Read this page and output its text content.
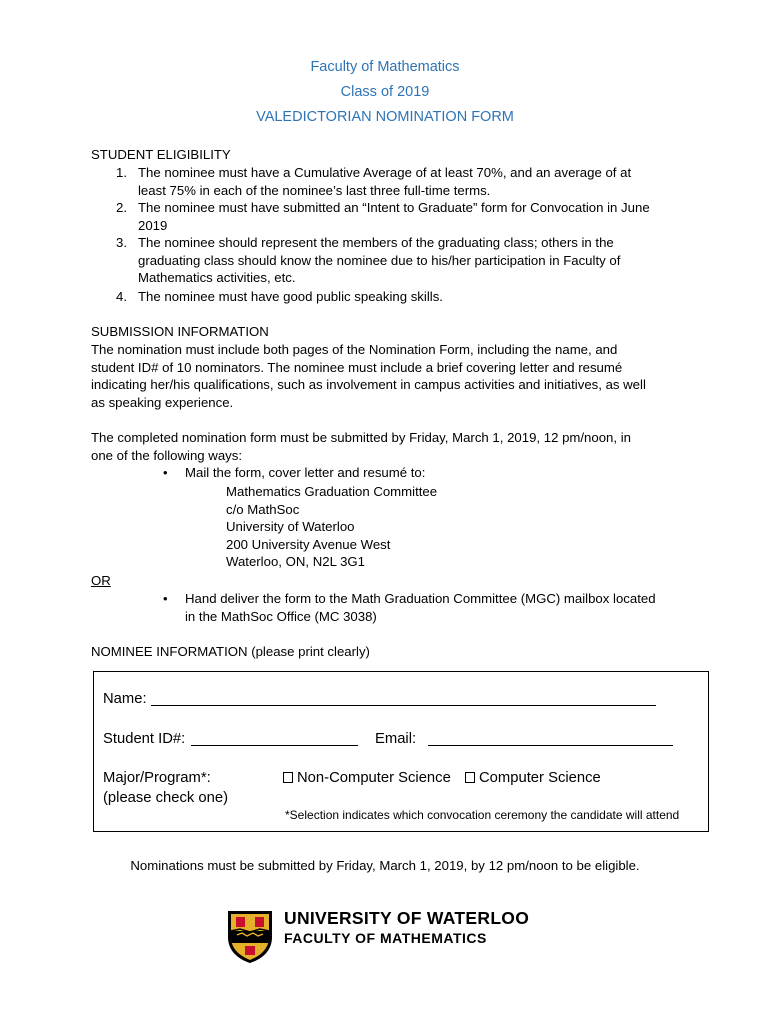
Faculty of Mathematics
Class of 2019
VALEDICTORIAN NOMINATION FORM
STUDENT ELIGIBILITY
1. The nominee must have a Cumulative Average of at least 70%, and an average of at
least 75% in each of the nominee’s last three full-time terms.
2. The nominee must have submitted an “Intent to Graduate” form for Convocation in June
2019
3. The nominee should represent the members of the graduating class; others in the
graduating class should know the nominee due to his/her participation in Faculty of
Mathematics activities, etc.
4. The nominee must have good public speaking skills.
SUBMISSION INFORMATION
The nomination must include both pages of the Nomination Form, including the name, and
student ID# of 10 nominators. The nominee must include a brief covering letter and resumé
indicating her/his qualifications, such as involvement in campus activities and initiatives, as well
as speaking experience.
The completed nomination form must be submitted by Friday, March 1, 2019, 12 pm/noon, in
one of the following ways:
• Mail the form, cover letter and resumé to:
Mathematics Graduation Committee
c/o MathSoc
University of Waterloo
200 University Avenue West
Waterloo, ON, N2L 3G1
OR
• Hand deliver the form to the Math Graduation Committee (MGC) mailbox located
in the MathSoc Office (MC 3038)
NOMINEE INFORMATION (please print clearly)
Name:
Student ID#:	Email:
Major/Program*:
(please check one)
Non-Computer Science	Computer Science
*Selection indicates which convocation ceremony the candidate will attend
Nominations must be submitted by Friday, March 1, 2019, by 12 pm/noon to be eligible.
UNIVERSITY OF WATERLOO
FACULTY OF MATHEMATICS
